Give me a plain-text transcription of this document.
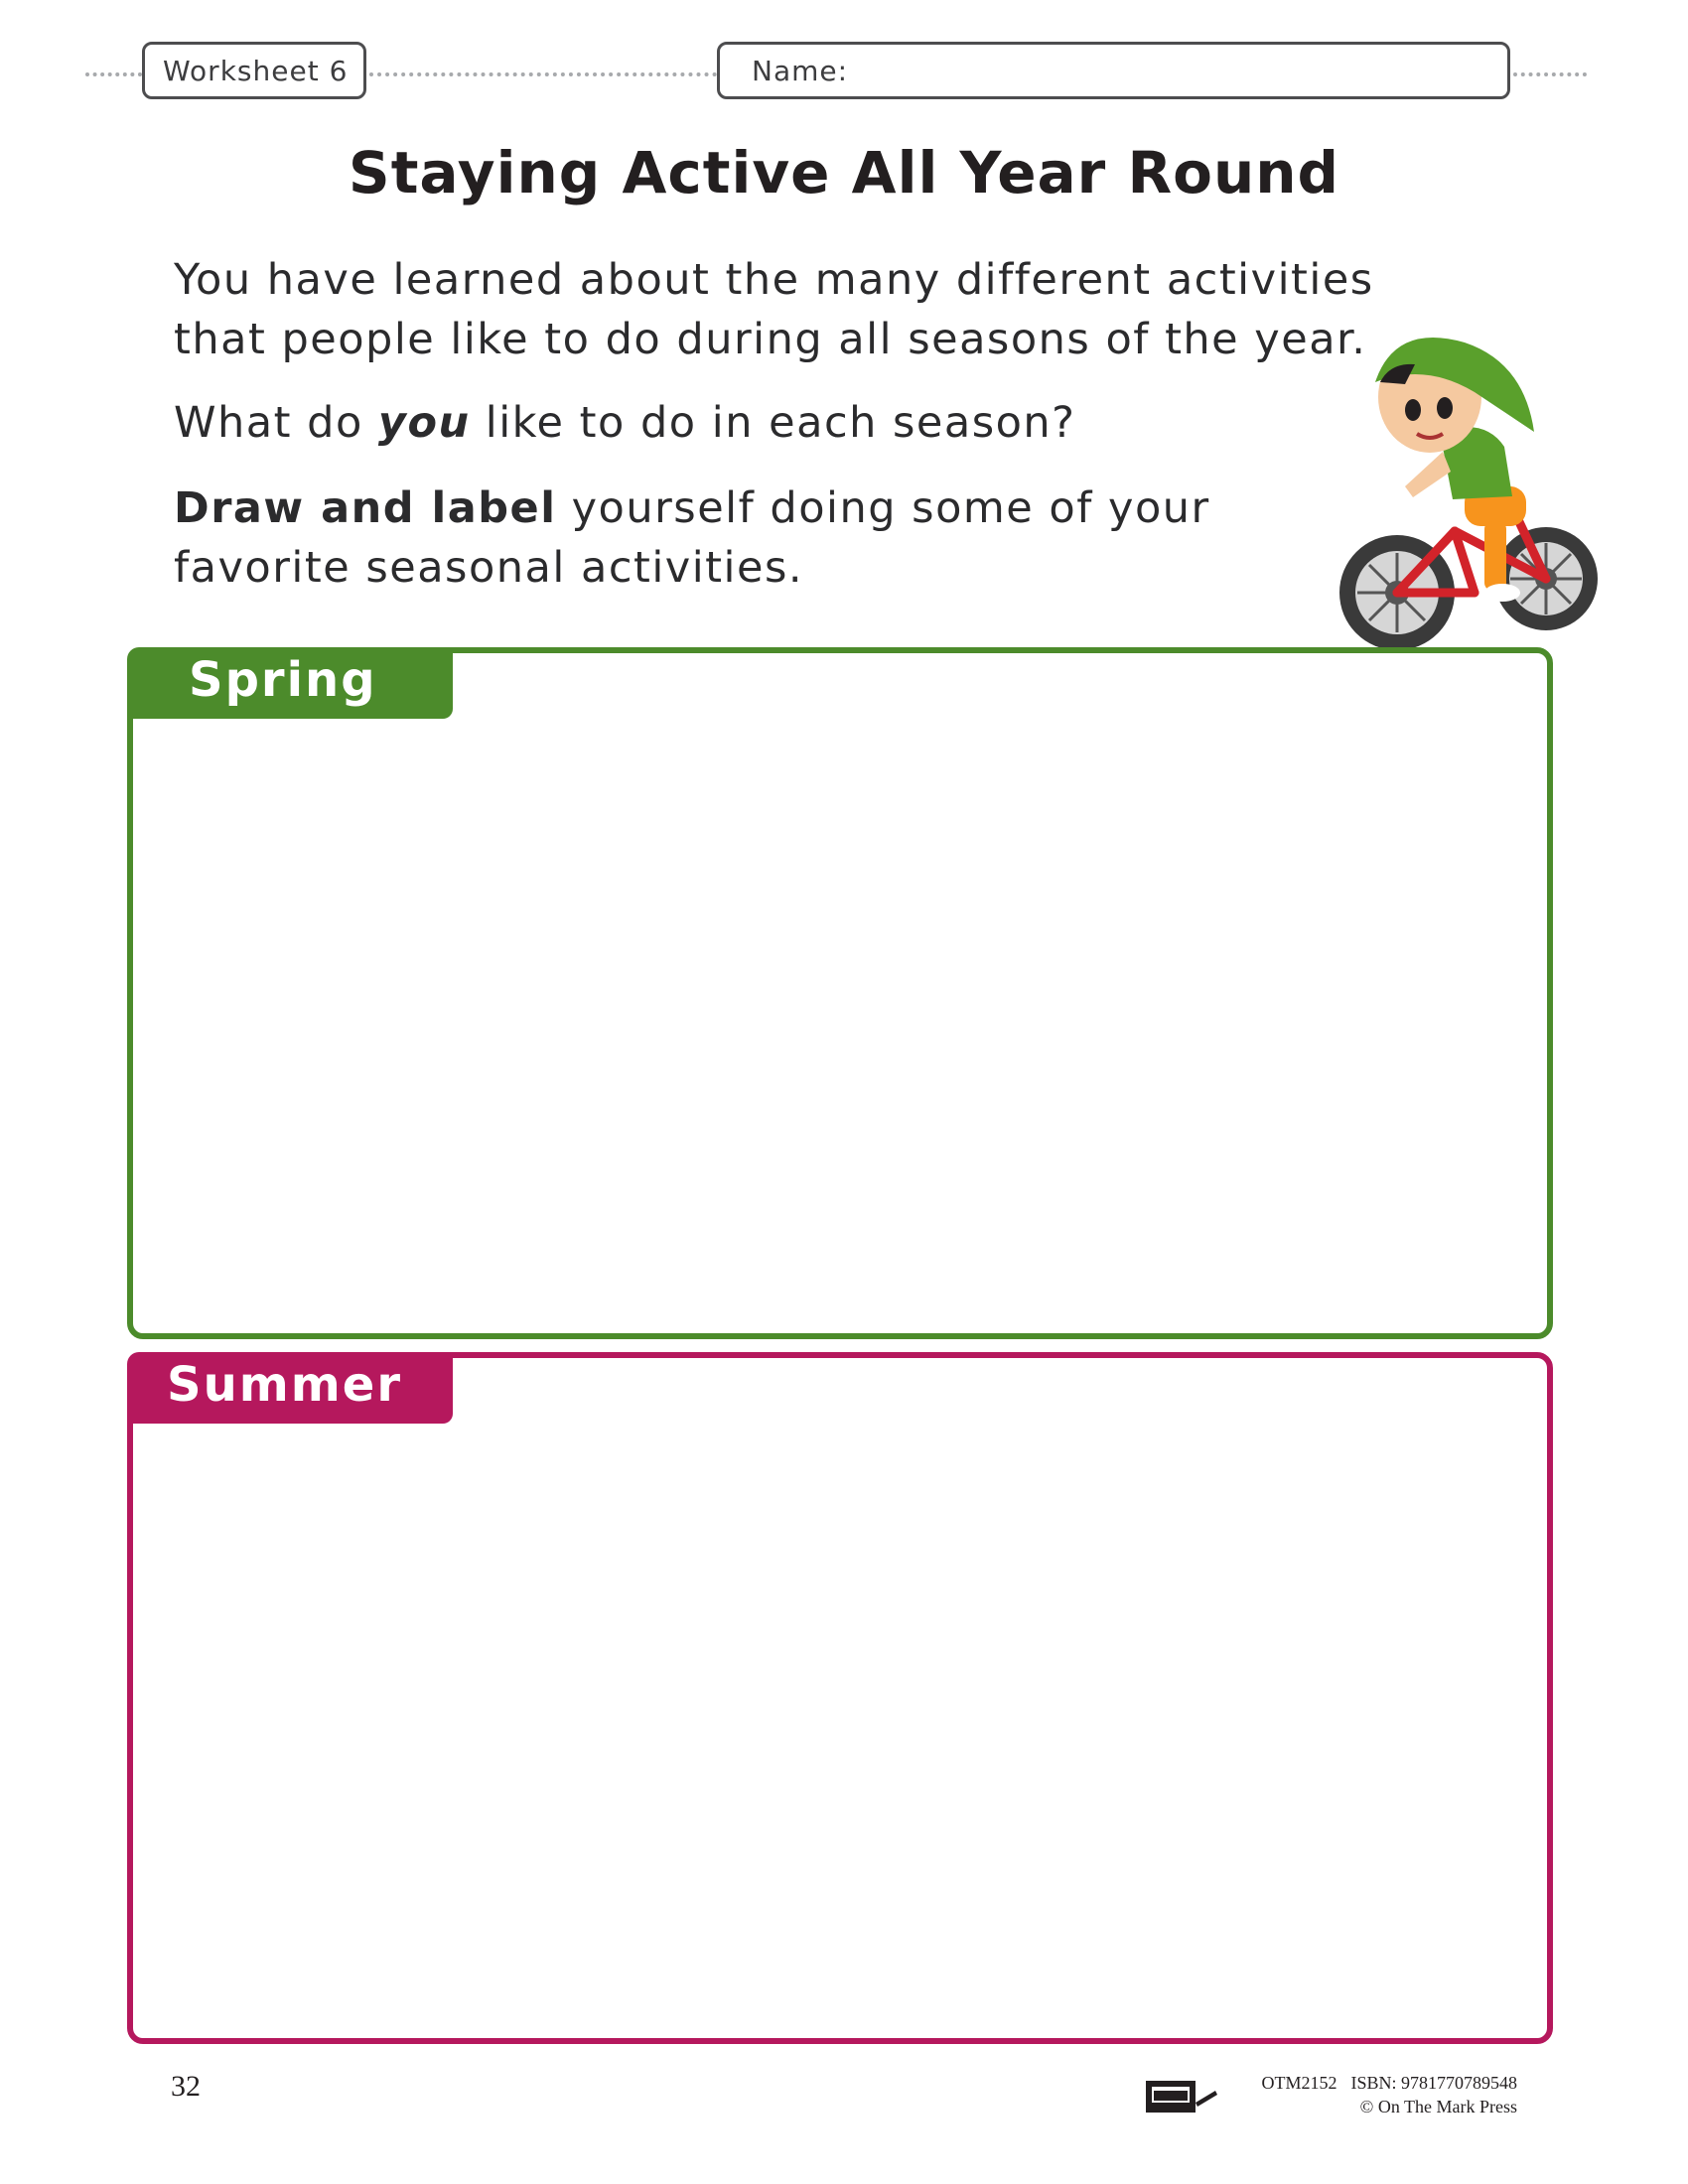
Worksheet 6	Name:
Staying Active All Year Round

You have learned about the many different activities that people like to do during all seasons of the year.

What do you like to do in each season?

Draw and label yourself doing some of your favorite seasonal activities.

Spring
Summer
32	OTM2152 ISBN: 9781770789548
© On The Mark Press
